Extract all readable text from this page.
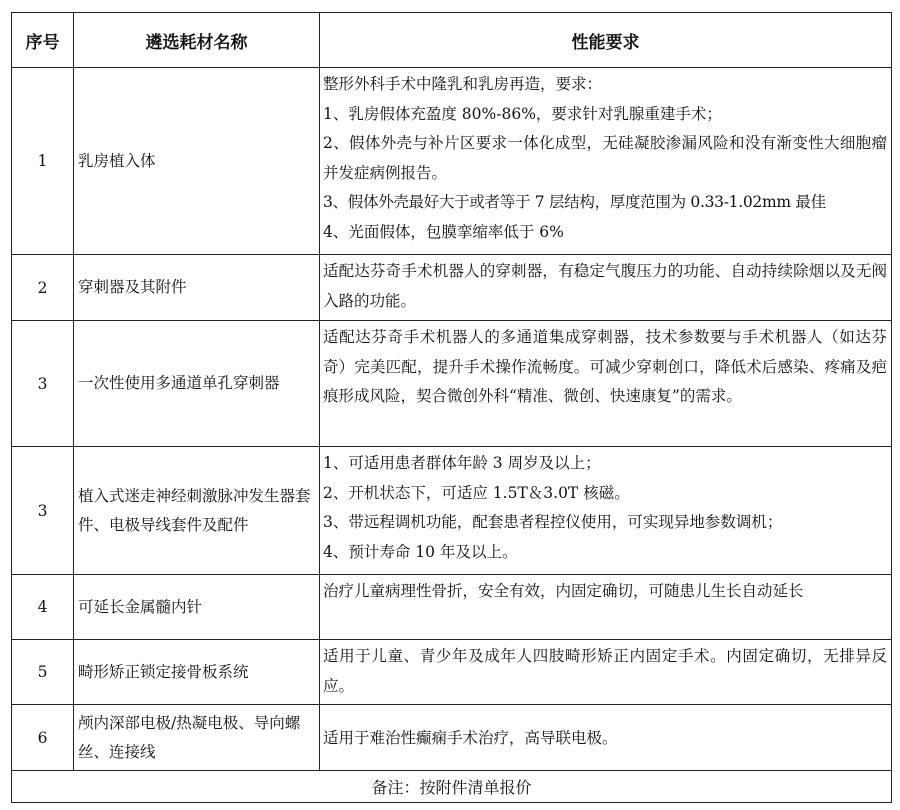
序号	遴选耗材名称	性能要求
1	乳房植入体	整形外科手术中隆乳和乳房再造，要求：
1、乳房假体充盈度 80%-86%，要求针对乳腺重建手术；
2、假体外壳与补片区要求一体化成型，无硅凝胶渗漏风险和没有渐变性大细胞瘤并发症病例报告。
3、假体外壳最好大于或者等于 7 层结构，厚度范围为 0.33-1.02mm 最佳
4、光面假体，包膜挛缩率低于 6%

2	穿刺器及其附件	适配达芬奇手术机器人的穿刺器，有稳定气腹压力的功能、自动持续除烟以及无阀入路的功能。

3	一次性使用多通道单孔穿刺器	适配达芬奇手术机器人的多通道集成穿刺器，技术参数要与手术机器人（如达芬奇）完美匹配，提升手术操作流畅度。可减少穿刺创口，降低术后感染、疼痛及疤痕形成风险，契合微创外科“精准、微创、快速康复”的需求。

3	植入式迷走神经刺激脉冲发生器套件、电极导线套件及配件	1、可适用患者群体年龄 3 周岁及以上；
2、开机状态下，可适应 1.5T＆3.0T 核磁。
3、带远程调机功能，配套患者程控仪使用，可实现异地参数调机；
4、预计寿命 10 年及以上。

4	可延长金属髓内针	治疗儿童病理性骨折，安全有效，内固定确切，可随患儿生长自动延长

5	畸形矫正锁定接骨板系统	适用于儿童、青少年及成年人四肢畸形矫正内固定手术。内固定确切，无排异反应。

6	颅内深部电极/热凝电极、导向螺丝、连接线	适用于难治性癫痫手术治疗，高导联电极。

备注：按附件清单报价		
